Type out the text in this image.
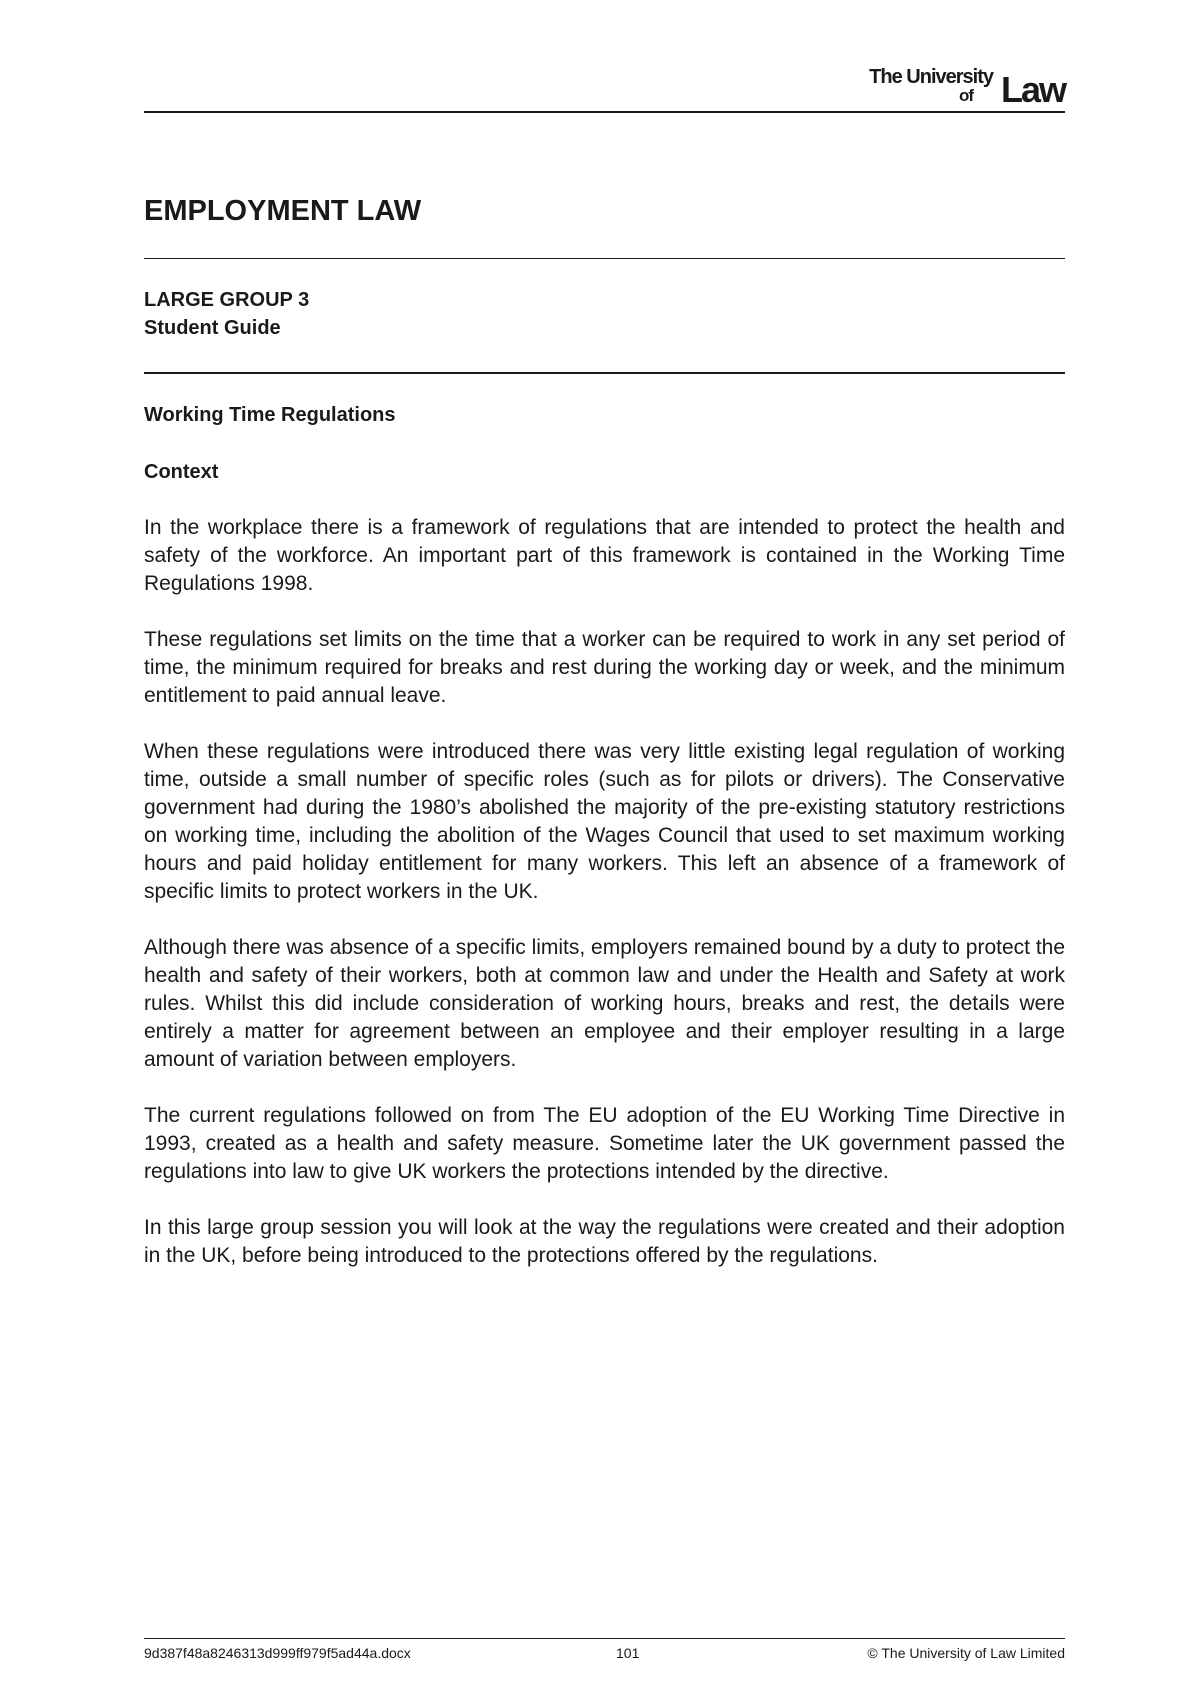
The University
of Law
EMPLOYMENT LAW
LARGE GROUP 3
Student Guide
Working Time Regulations
Context

In the workplace there is a framework of regulations that are intended to protect the health and safety of the workforce. An important part of this framework is contained in the Working Time Regulations 1998.

These regulations set limits on the time that a worker can be required to work in any set period of time, the minimum required for breaks and rest during the working day or week, and the minimum entitlement to paid annual leave.

When these regulations were introduced there was very little existing legal regulation of working time, outside a small number of specific roles (such as for pilots or drivers). The Conservative government had during the 1980’s abolished the majority of the pre-existing statutory restrictions on working time, including the abolition of the Wages Council that used to set maximum working hours and paid holiday entitlement for many workers. This left an absence of a framework of specific limits to protect workers in the UK.

Although there was absence of a specific limits, employers remained bound by a duty to protect the health and safety of their workers, both at common law and under the Health and Safety at work rules. Whilst this did include consideration of working hours, breaks and rest, the details were entirely a matter for agreement between an employee and their employer resulting in a large amount of variation between employers.

The current regulations followed on from The EU adoption of the EU Working Time Directive in 1993, created as a health and safety measure. Sometime later the UK government passed the regulations into law to give UK workers the protections intended by the directive.

In this large group session you will look at the way the regulations were created and their adoption in the UK, before being introduced to the protections offered by the regulations.

9d387f48a8246313d999ff979f5ad44a.docx	101	© The University of Law Limited
